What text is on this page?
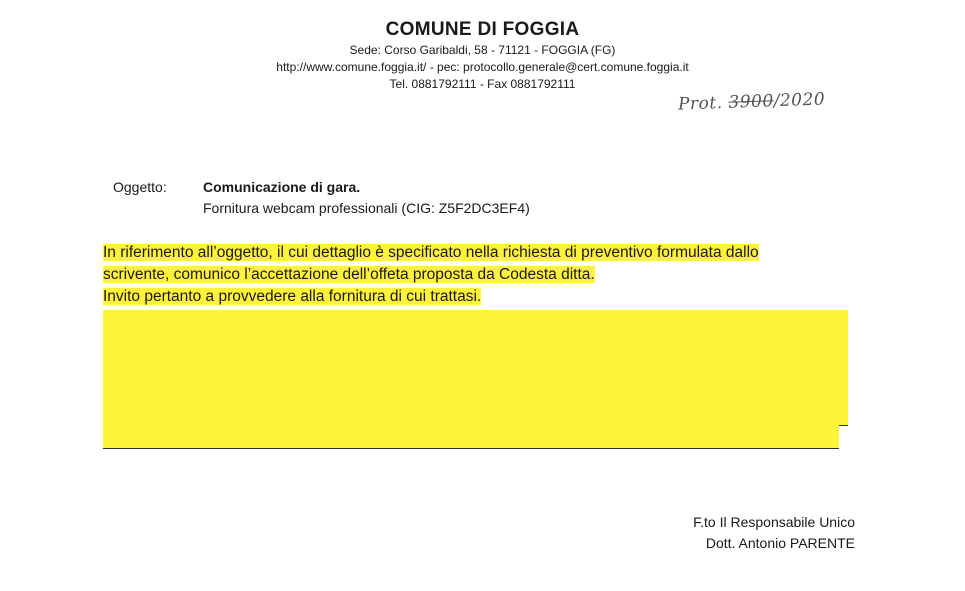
COMUNE DI FOGGIA
Sede: Corso Garibaldi, 58 - 71121 - FOGGIA (FG)
http://www.comune.foggia.it/ - pec: protocollo.generale@cert.comune.foggia.it
Tel. 0881792111 - Fax 0881792111
Prot. 3900/2020
Oggetto:	Comunicazione di gara.
Fornitura webcam professionali (CIG: Z5F2DC3EF4)
In riferimento all’oggetto, il cui dettaglio è specificato nella richiesta di preventivo formulata dallo
scrivente, comunico l’accettazione dell’offeta proposta da Codesta ditta.
Invito pertanto a provvedere alla fornitura di cui trattasi.
F.to Il Responsabile Unico
Dott. Antonio PARENTE
